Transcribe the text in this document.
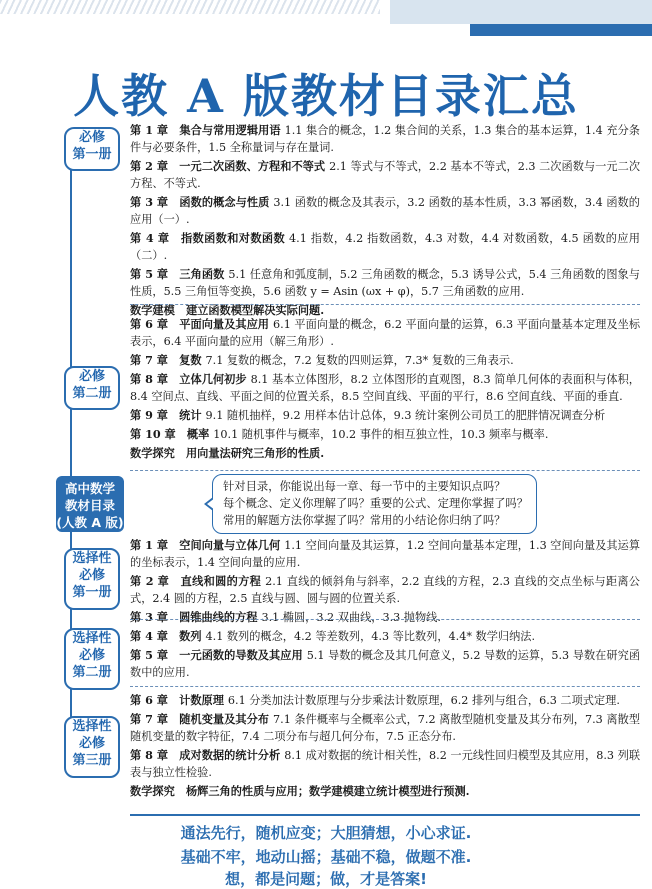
人教 A 版教材目录汇总
必修
第一册
必修
第二册
选择性
必修
第一册
选择性
必修
第二册
选择性
必修
第三册
高中数学
教材目录
(人教 A 版)
第 1 章　集合与常用逻辑用语 1.1 集合的概念，1.2 集合间的关系，1.3 集合的基本运算，1.4 充分条件与必要条件，1.5 全称量词与存在量词.
第 2 章　一元二次函数、方程和不等式 2.1 等式与不等式，2.2 基本不等式，2.3 二次函数与一元二次方程、不等式.
第 3 章　函数的概念与性质 3.1 函数的概念及其表示，3.2 函数的基本性质，3.3 幂函数，3.4 函数的应用（一）.
第 4 章　指数函数和对数函数 4.1 指数，4.2 指数函数，4.3 对数，4.4 对数函数，4.5 函数的应用（二）.
第 5 章　三角函数 5.1 任意角和弧度制，5.2 三角函数的概念，5.3 诱导公式，5.4 三角函数的图象与性质，5.5 三角恒等变换，5.6 函数 y = Asin (ωx + φ)，5.7 三角函数的应用.
数学建模　建立函数模型解决实际问题.
第 6 章　平面向量及其应用 6.1 平面向量的概念，6.2 平面向量的运算，6.3 平面向量基本定理及坐标表示，6.4 平面向量的应用（解三角形）.
第 7 章　复数 7.1 复数的概念，7.2 复数的四则运算，7.3* 复数的三角表示.
第 8 章　立体几何初步 8.1 基本立体图形，8.2 立体图形的直观图，8.3 简单几何体的表面积与体积，8.4 空间点、直线、平面之间的位置关系，8.5 空间直线、平面的平行，8.6 空间直线、平面的垂直.
第 9 章　统计 9.1 随机抽样，9.2 用样本估计总体，9.3 统计案例公司员工的肥胖情况调查分析
第 10 章　概率 10.1 随机事件与概率，10.2 事件的相互独立性，10.3 频率与概率.
数学探究　用向量法研究三角形的性质.
针对目录，你能说出每一章、每一节中的主要知识点吗？
每个概念、定义你理解了吗？重要的公式、定理你掌握了吗？
常用的解题方法你掌握了吗？常用的小结论你归纳了吗？
第 1 章　空间向量与立体几何 1.1 空间向量及其运算，1.2 空间向量基本定理，1.3 空间向量及其运算的坐标表示，1.4 空间向量的应用.
第 2 章　直线和圆的方程 2.1 直线的倾斜角与斜率，2.2 直线的方程，2.3 直线的交点坐标与距离公式，2.4 圆的方程，2.5 直线与圆、圆与圆的位置关系.
第 3 章　圆锥曲线的方程 3.1 椭圆，3.2 双曲线，3.3 抛物线.
第 4 章　数列 4.1 数列的概念，4.2 等差数列，4.3 等比数列，4.4* 数学归纳法.
第 5 章　一元函数的导数及其应用 5.1 导数的概念及其几何意义，5.2 导数的运算，5.3 导数在研究函数中的应用.
第 6 章　计数原理 6.1 分类加法计数原理与分步乘法计数原理，6.2 排列与组合，6.3 二项式定理.
第 7 章　随机变量及其分布 7.1 条件概率与全概率公式，7.2 离散型随机变量及其分布列，7.3 离散型随机变量的数字特征，7.4 二项分布与超几何分布，7.5 正态分布.
第 8 章　成对数据的统计分析 8.1 成对数据的统计相关性，8.2 一元线性回归模型及其应用，8.3 列联表与独立性检验.
数学探究　杨辉三角的性质与应用；数学建模建立统计模型进行预测.
通法先行，随机应变；大胆猜想，小心求证.
基础不牢，地动山摇；基础不稳，做题不准.
想，都是问题；做，才是答案!
